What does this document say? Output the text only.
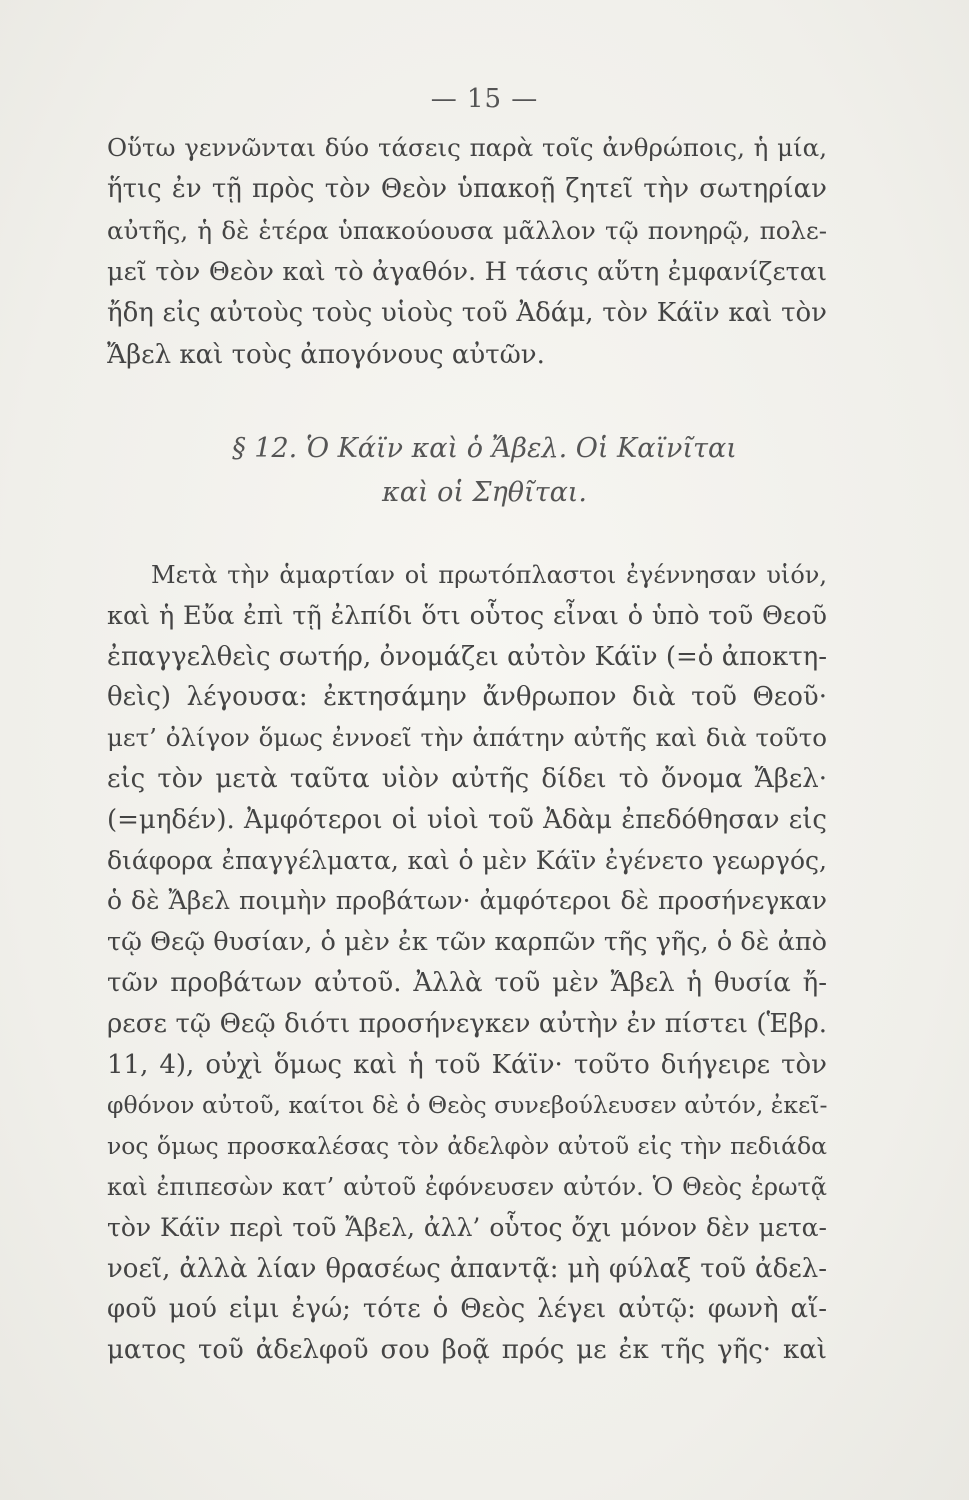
— 15 —
Οὕτω γεννῶνται δύο τάσεις παρὰ τοῖς ἀνθρώποις, ἡ μία,
ἥτις ἐν τῇ πρὸς τὸν Θεὸν ὑπακοῇ ζητεῖ τὴν σωτηρίαν
αὐτῆς, ἡ δὲ ἑτέρα ὑπακούουσα μᾶλλον τῷ πονηρῷ, πολε-
μεῖ τὸν Θεὸν καὶ τὸ ἀγαθόν. Η τάσις αὕτη ἐμφανίζεται
ἤδη εἰς αὐτοὺς τοὺς υἱοὺς τοῦ Ἀδάμ, τὸν Κάϊν καὶ τὸν
Ἄβελ καὶ τοὺς ἀπογόνους αὐτῶν.
§ 12. Ὁ Κάϊν καὶ ὁ Ἄβελ. Οἱ Καϊνῖται
καὶ οἱ Σηθῖται.
Μετὰ τὴν ἁμαρτίαν οἱ πρωτόπλαστοι ἐγέννησαν υἱόν,
καὶ ἡ Εὔα ἐπὶ τῇ ἐλπίδι ὅτι οὗτος εἶναι ὁ ὑπὸ τοῦ Θεοῦ
ἐπαγγελθεὶς σωτήρ, ὀνομάζει αὐτὸν Κάϊν (=ὁ ἀποκτη-
θεὶς) λέγουσα: ἐκτησάμην ἄνθρωπον διὰ τοῦ Θεοῦ·
μετ’ ὀλίγον ὅμως ἐννοεῖ τὴν ἀπάτην αὐτῆς καὶ διὰ τοῦτο
εἰς τὸν μετὰ ταῦτα υἱὸν αὐτῆς δίδει τὸ ὄνομα Ἄβελ·
(=μηδέν). Ἀμφότεροι οἱ υἱοὶ τοῦ Ἀδὰμ ἐπεδόθησαν εἰς
διάφορα ἐπαγγέλματα, καὶ ὁ μὲν Κάϊν ἐγένετο γεωργός,
ὁ δὲ Ἄβελ ποιμὴν προβάτων· ἀμφότεροι δὲ προσήνεγκαν
τῷ Θεῷ θυσίαν, ὁ μὲν ἐκ τῶν καρπῶν τῆς γῆς, ὁ δὲ ἀπὸ
τῶν προβάτων αὐτοῦ. Ἀλλὰ τοῦ μὲν Ἄβελ ἡ θυσία ἤ-
ρεσε τῷ Θεῷ διότι προσήνεγκεν αὐτὴν ἐν πίστει (Ἑβρ.
11, 4), οὐχὶ ὅμως καὶ ἡ τοῦ Κάϊν· τοῦτο διήγειρε τὸν
φθόνον αὐτοῦ, καίτοι δὲ ὁ Θεὸς συνεβούλευσεν αὐτόν, ἐκεῖ-
νος ὅμως προσκαλέσας τὸν ἀδελφὸν αὐτοῦ εἰς τὴν πεδιάδα
καὶ ἐπιπεσὼν κατ’ αὐτοῦ ἐφόνευσεν αὐτόν. Ὁ Θεὸς ἐρωτᾷ
τὸν Κάϊν περὶ τοῦ Ἄβελ, ἀλλ’ οὗτος ὄχι μόνον δὲν μετα-
νοεῖ, ἀλλὰ λίαν θρασέως ἀπαντᾷ: μὴ φύλαξ τοῦ ἀδελ-
φοῦ μού εἰμι ἐγώ; τότε ὁ Θεὸς λέγει αὐτῷ: φωνὴ αἵ-
ματος τοῦ ἀδελφοῦ σου βοᾷ πρός με ἐκ τῆς γῆς· καὶ
